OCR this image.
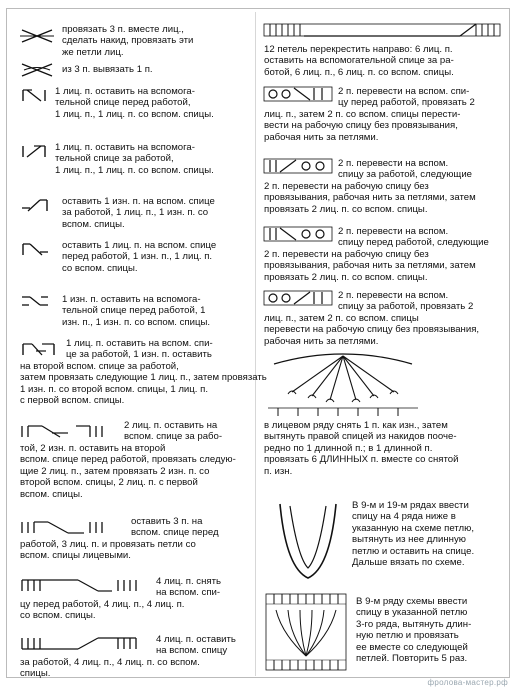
провязать 3 п. вместе лиц.,
сделать накид, провязать эти
же петли лиц.
из 3 п. вывязать 1 п.
1 лиц. п. оставить на вспомога-
тельной спице перед работой,
1 лиц. п., 1 лиц. п. со вспом. спицы.
1 лиц. п. оставить на вспомога-
тельной спице за работой,
1 лиц. п., 1 лиц. п. со вспом. спицы.
оставить 1 изн. п. на вспом. спице
за работой, 1 лиц. п., 1 изн. п. со
вспом. спицы.
оставить 1 лиц. п. на вспом. спице
перед работой, 1 изн. п., 1 лиц. п.
со вспом. спицы.
1 изн. п. оставить на вспомога-
тельной спице перед работой, 1
изн. п., 1 изн. п. со вспом. спицы.
1 лиц. п. оставить на вспом. спи-
це за работой, 1 изн. п. оставить
на второй вспом. спице за работой,
затем провязать следующие 1 лиц. п., затем провязать
1 изн. п. со второй вспом. спицы, 1 лиц. п.
с первой вспом. спицы.
2 лиц. п. оставить на
вспом. спице за рабо-
той, 2 изн. п. оставить на второй
вспом. спице перед работой, провязать следую-
щие 2 лиц. п., затем провязать 2 изн. п. со
второй вспом. спицы, 2 лиц. п. с первой
вспом. спицы.
оставить 3 п. на
вспом. спице перед
работой, 3 лиц. п. и провязать петли со
вспом. спицы лицевыми.
4 лиц. п. снять
на вспом. спи-
цу перед работой, 4 лиц. п., 4 лиц. п.
со вспом. спицы.
4 лиц. п. оставить
на вспом. спицу
за работой, 4 лиц. п., 4 лиц. п. со вспом.
спицы.
12 петель перекрестить направо: 6 лиц. п.
оставить на вспомогательной спице за ра-
ботой, 6 лиц. п., 6 лиц. п. со вспом. спицы.
2 п. перевести на вспом. спи-
цу перед работой, провязать 2
лиц. п., затем 2 п. со вспом. спицы перести-
вести на рабочую спицу без провязывания,
рабочая нить за петлями.
2 п. перевести на вспом.
спицу за работой, следующие
2 п. перевести на рабочую спицу без
провязывания, рабочая нить за петлями, затем
провязать 2 лиц. п. со вспом. спицы.
2 п. перевести на вспом.
спицу перед работой, следующие
2 п. перевести на рабочую спицу без
провязывания, рабочая нить за петлями, затем
провязать 2 лиц. п. со вспом. спицы.
2 п. перевести на вспом.
спицу за работой, провязать 2
лиц. п., затем 2 п. со вспом. спицы
перевести на рабочую спицу без провязывания,
рабочая нить за петлями.
в лицевом ряду снять 1 п. как изн., затем
вытянуть правой спицей из накидов пооче-
редно по 1 длинной п.; в 1 длинной п.
провязать 6 ДЛИННЫХ п. вместе со снятой
п. изн.
В 9-м и 19-м рядах ввести
спицу на 4 ряда ниже в
указанную на схеме петлю,
вытянуть из нее длинную
петлю и оставить на спице.
Дальше вязать по схеме.
В 9-м ряду схемы ввести
спицу в указанной петлю
3-го ряда, вытянуть длин-
ную петлю и провязать
ее вместе со следующей
петлей. Повторить 5 раз.
фролова-мастер.рф
